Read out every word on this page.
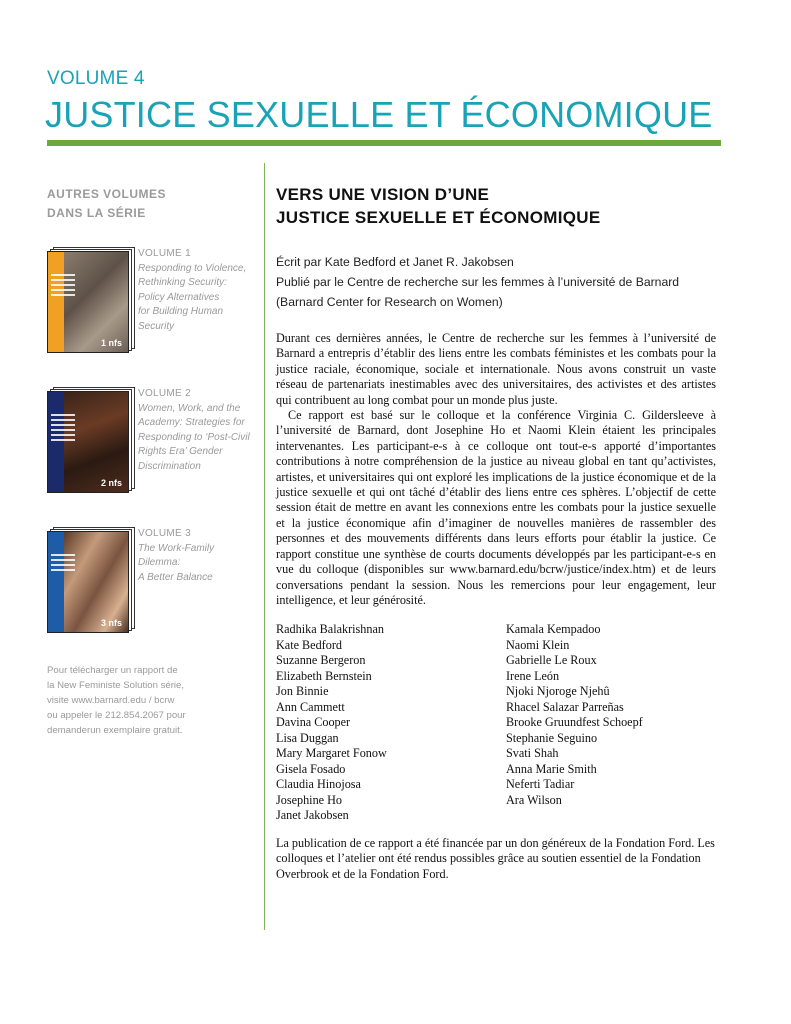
VOLUME 4
JUSTICE SEXUELLE ET ÉCONOMIQUE
AUTRES VOLUMES
DANS LA SÉRIE
1 nfs
VOLUME 1
Responding to Violence,
Rethinking Security:
Policy Alternatives
for Building Human
Security
2 nfs
VOLUME 2
Women, Work, and the
Academy: Strategies for
Responding to ‘Post-Civil
Rights Era’ Gender
Discrimination
3 nfs
VOLUME 3
The Work-Family Dilemma:
A Better Balance
Pour télécharger un rapport de
la New Feministe Solution série,
visite www.barnard.edu / bcrw
ou appeler le 212.854.2067 pour
demanderun exemplaire gratuit.
VERS UNE VISION D’UNE
JUSTICE SEXUELLE ET ÉCONOMIQUE
Écrit par Kate Bedford et Janet R. Jakobsen
Publié par le Centre de recherche sur les femmes à l’université de Barnard
(Barnard Center for Research on Women)

Durant ces dernières années, le Centre de recherche sur les femmes à l’université de Barnard a entrepris d’établir des liens entre les combats féministes et les combats pour la justice raciale, économique, sociale et internationale. Nous avons construit un vaste réseau de partenariats inestimables avec des universitaires, des activistes et des artistes qui contribuent au long combat pour un monde plus juste.

Ce rapport est basé sur le colloque et la conférence Virginia C. Gildersleeve à l’université de Barnard, dont Josephine Ho et Naomi Klein étaient les principales intervenantes. Les participant-e-s à ce colloque ont tout-e-s apporté d’importantes contributions à notre compréhension de la justice au niveau global en tant qu’activistes, artistes, et universitaires qui ont exploré les implications de la justice économique et de la justice sexuelle et qui ont tâché d’établir des liens entre ces sphères. L’objectif de cette session était de mettre en avant les connexions entre les combats pour la justice sexuelle et la justice économique afin d’imaginer de nouvelles manières de rassembler des personnes et des mouvements différents dans leurs efforts pour établir la justice. Ce rapport constitue une synthèse de courts documents développés par les participant-e-s en vue du colloque (disponibles sur www.barnard.edu/bcrw/justice/index.htm) et de leurs conversations pendant la session. Nous les remercions pour leur engagement, leur intelligence, et leur générosité.

Radhika Balakrishnan
Kate Bedford
Suzanne Bergeron
Elizabeth Bernstein
Jon Binnie
Ann Cammett
Davina Cooper
Lisa Duggan
Mary Margaret Fonow
Gisela Fosado
Claudia Hinojosa
Josephine Ho
Janet Jakobsen
Kamala Kempadoo
Naomi Klein
Gabrielle Le Roux
Irene León
Njoki Njoroge Njehû
Rhacel Salazar Parreñas
Brooke Gruundfest Schoepf
Stephanie Seguino
Svati Shah
Anna Marie Smith
Neferti Tadiar
Ara Wilson
La publication de ce rapport a été financée par un don généreux de la Fondation Ford. Les colloques et l’atelier ont été rendus possibles grâce au soutien essentiel de la Fondation Overbrook et de la Fondation Ford.
